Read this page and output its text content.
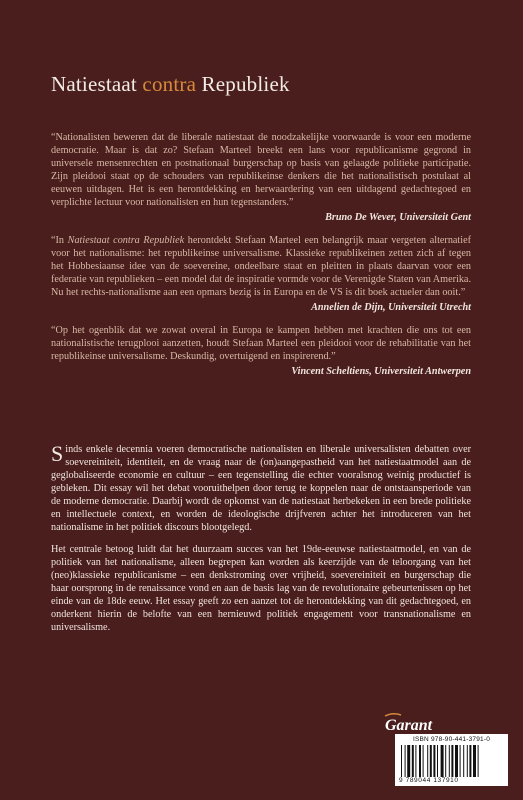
Natiestaat contra Republiek

“Nationalisten beweren dat de liberale natiestaat de noodzakelijke voorwaarde is voor een moderne democratie. Maar is dat zo? Stefaan Marteel breekt een lans voor republicanisme gegrond in universele mensenrechten en postnationaal burgerschap op basis van gelaagde politieke participatie. Zijn pleidooi staat op de schouders van republikeinse denkers die het nationalistisch postulaat al eeuwen uitdagen. Het is een herontdekking en herwaardering van een uitdagend gedachtegoed en verplichte lectuur voor nationalisten en hun tegenstanders.”

Bruno De Wever, Universiteit Gent

“In Natiestaat contra Republiek herontdekt Stefaan Marteel een belangrijk maar vergeten alternatief voor het nationalisme: het republikeinse universalisme. Klassieke republikeinen zetten zich af tegen het Hobbesiaanse idee van de soevereine, ondeelbare staat en pleitten in plaats daarvan voor een federatie van republieken – een model dat de inspiratie vormde voor de Verenigde Staten van Amerika. Nu het rechts-nationalisme aan een opmars bezig is in Europa en de VS is dit boek actueler dan ooit.”

Annelien de Dijn, Universiteit Utrecht

“Op het ogenblik dat we zowat overal in Europa te kampen hebben met krachten die ons tot een nationalistische terugplooi aanzetten, houdt Stefaan Marteel een pleidooi voor de rehabilitatie van het republikeinse universalisme. Deskundig, overtuigend en inspirerend.”

Vincent Scheltiens, Universiteit Antwerpen

Sinds enkele decennia voeren democratische nationalisten en liberale universalisten debatten over soevereiniteit, identiteit, en de vraag naar de (on)aangepastheid van het natiestaatmodel aan de geglobaliseerde economie en cultuur – een tegenstelling die echter vooralsnog weinig productief is gebleken. Dit essay wil het debat vooruithelpen door terug te koppelen naar de ontstaansperiode van de moderne democratie. Daarbij wordt de opkomst van de natiestaat herbekeken in een brede politieke en intellectuele context, en worden de ideologische drijfveren achter het introduceren van het nationalisme in het politiek discours blootgelegd.

Het centrale betoog luidt dat het duurzaam succes van het 19de-eeuwse natiestaatmodel, en van de politiek van het nationalisme, alleen begrepen kan worden als keerzijde van de teloorgang van het (neo)klassieke republicanisme – een denkstroming over vrijheid, soevereiniteit en burgerschap die haar oorsprong in de renaissance vond en aan de basis lag van de revolutionaire gebeurtenissen op het einde van de 18de eeuw. Het essay geeft zo een aanzet tot de herontdekking van dit gedachtegoed, en onderkent hierin de belofte van een hernieuwd politiek engagement voor transnationalisme en universalisme.

Garant
ISBN 978-90-441-3791-0
9 789044 137910
